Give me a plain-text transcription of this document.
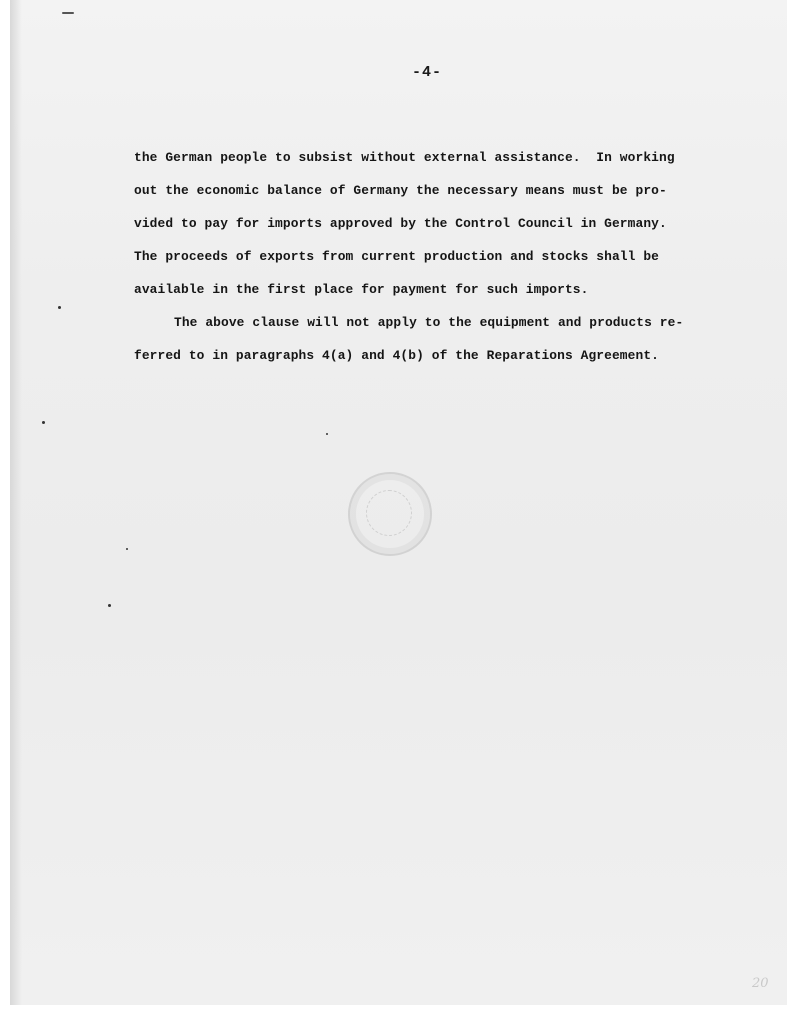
-4-
the German people to subsist without external assistance.  In working
out the economic balance of Germany the necessary means must be pro-
vided to pay for imports approved by the Control Council in Germany.
The proceeds of exports from current production and stocks shall be
available in the first place for payment for such imports.
The above clause will not apply to the equipment and products re-
ferred to in paragraphs 4(a) and 4(b) of the Reparations Agreement.
20
